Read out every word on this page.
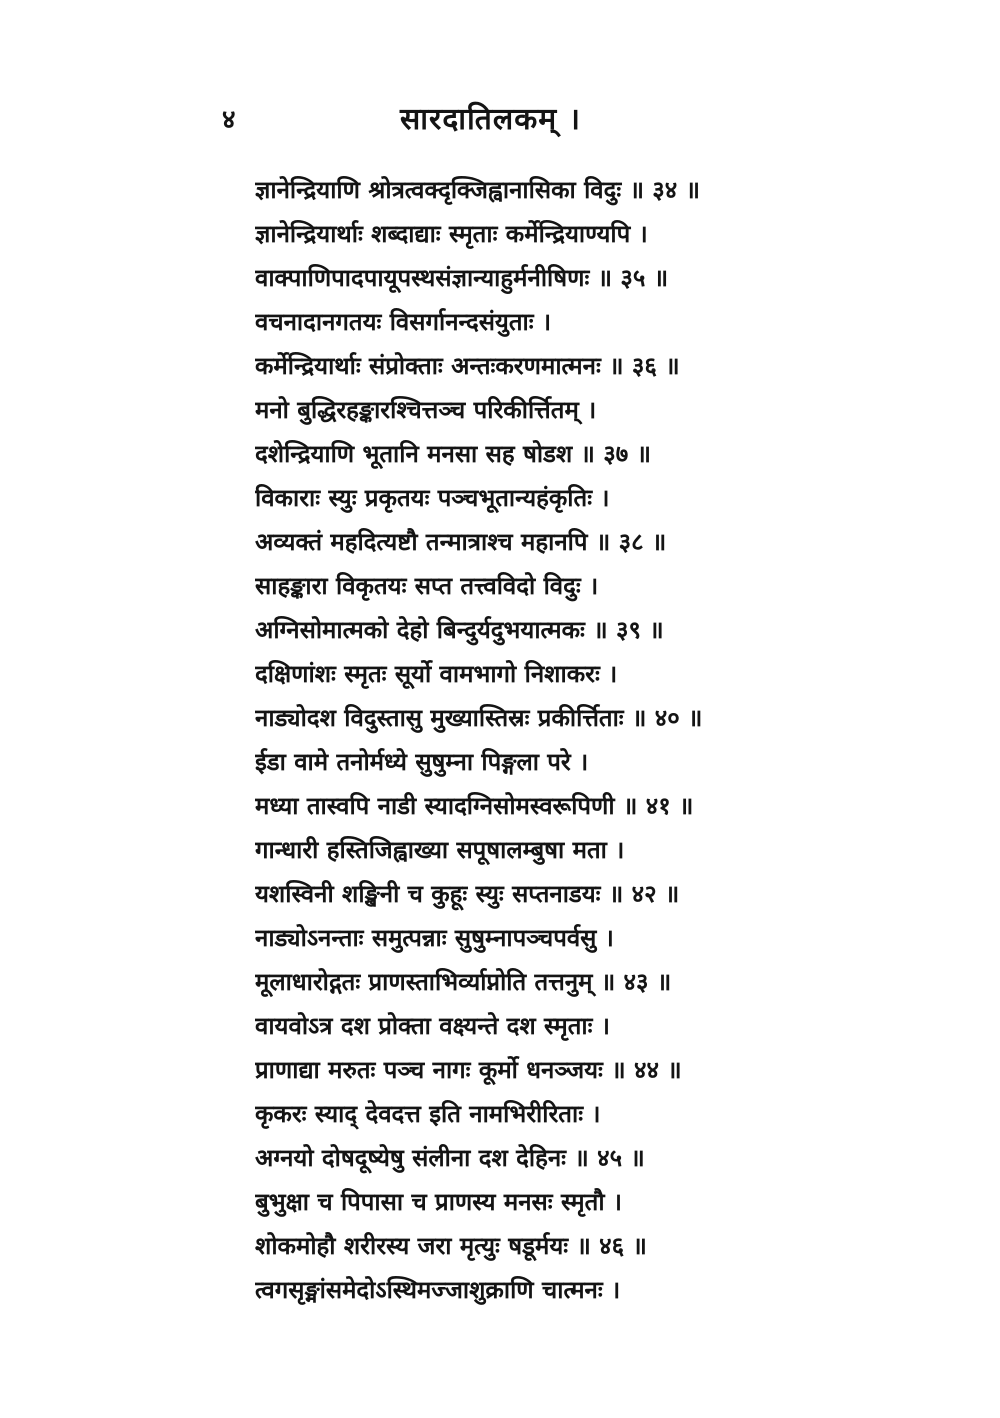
४	सारदातिलकम् ।
ज्ञानेन्द्रियाणि श्रोत्रत्वक्दृक्जिह्वानासिका विदुः ॥ ३४ ॥
ज्ञानेन्द्रियार्थाः शब्दाद्याः स्मृताः कर्मेन्द्रियाण्यपि ।
वाक्पाणिपादपायूपस्थसंज्ञान्याहुर्मनीषिणः ॥ ३५ ॥
वचनादानगतयः विसर्गानन्दसंयुताः ।
कर्मेन्द्रियार्थाः संप्रोक्ताः अन्तःकरणमात्मनः ॥ ३६ ॥
मनो बुद्धिरहङ्कारश्चित्तञ्च परिकीर्त्तितम् ।
दशेन्द्रियाणि भूतानि मनसा सह षोडश ॥ ३७ ॥
विकाराः स्युः प्रकृतयः पञ्चभूतान्यहंकृतिः ।
अव्यक्तं महदित्यष्टौ तन्मात्राश्च महानपि ॥ ३८ ॥
साहङ्कारा विकृतयः सप्त तत्त्वविदो विदुः ।
अग्निसोमात्मको देहो बिन्दुर्यदुभयात्मकः ॥ ३९ ॥
दक्षिणांशः स्मृतः सूर्यो वामभागो निशाकरः ।
नाड्योदश विदुस्तासु मुख्यास्तिस्रः प्रकीर्त्तिताः ॥ ४० ॥
ईडा वामे तनोर्मध्ये सुषुम्ना पिङ्गला परे ।
मध्या तास्वपि नाडी स्यादग्निसोमस्वरूपिणी ॥ ४१ ॥
गान्धारी हस्तिजिह्वाख्या सपूषालम्बुषा मता ।
यशस्विनी शङ्खिनी च कुहूः स्युः सप्तनाडयः ॥ ४२ ॥
नाड्योऽनन्ताः समुत्पन्नाः सुषुम्नापञ्चपर्वसु ।
मूलाधारोद्गतः प्राणस्ताभिर्व्याप्नोति तत्तनुम् ॥ ४३ ॥
वायवोऽत्र दश प्रोक्ता वक्ष्यन्ते दश स्मृताः ।
प्राणाद्या मरुतः पञ्च नागः कूर्मो धनञ्जयः ॥ ४४ ॥
कृकरः स्याद् देवदत्त इति नामभिरीरिताः ।
अग्नयो दोषदूष्येषु संलीना दश देहिनः ॥ ४५ ॥
बुभुक्षा च पिपासा च प्राणस्य मनसः स्मृतौ ।
शोकमोहौ शरीरस्य जरा मृत्युः षडूर्मयः ॥ ४६ ॥
त्वगसृङ्मांसमेदोऽस्थिमज्जाशुक्राणि चात्मनः ।
